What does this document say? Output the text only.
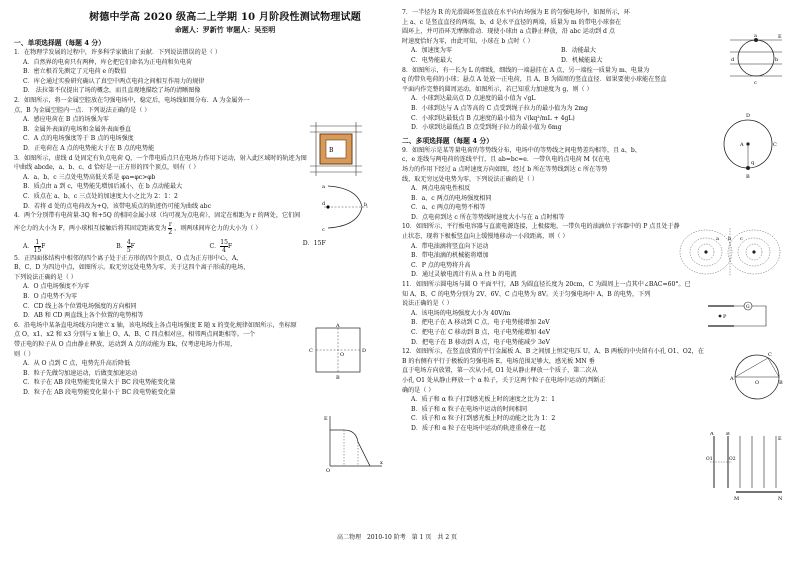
树德中学高 2020 级高二上学期 10 月阶段性测试物理试题
命题人：罗新竹 审题人：吴至明
一、单项选择题（每题 4 分）

1．在物理学发展的过程中，许多科学家做出了贡献．下列说法错误的是（ ）

A．自然界的电荷只有两种，库仑把它们命名为正电荷和负电荷

B．密立根首先测定了元电荷 e 的数值

C．库仑通过实验研究确认了真空中两点电荷之间相互作用力的规律

D． 法拉第不仅提出了场的概念，而且直观地描绘了场的清晰图像

2．如图所示，将一金属空腔放在匀强电场中，稳定后，电场线如图分布．A 为金属外一

点，B 为金属空腔内一点．下列说法正确的是（ ）

A．感应电荷在 B 点的场强为零

B．金属外表面的电场和金属外表面垂直

C．A 点的电场强度等于 B 点的电场强度

D．正电荷在 A 点的电势能大于在 B 点的电势能

3．如图所示，虚线 d 处固定有负点电荷 Q，一个带电质点只在电场力作用下运动，射入此区域时的轨迹为图

中曲线 abcde，a、b、c、d 恰好是一正方形的四个顶点，则有（ ）

A．a、b、c 三点处电势高低关系是 φa=φc>φb

B．质点由 a 到 c，电势能先增加后减小，在 b 点动能最大

C．质点在 a、b、c 三点处的加速度大小之比为 2：1：2

D．若将 d 处的点电荷改为+Q，该带电质点的轨迹仍可能为曲线 abc

4．两个分别带有电荷量-3Q 和+5Q 的相同金属小球（均可视为点电荷），固定在相距为 r 的两处，它们间

库仑力的大小为 F，两小球相互接触后将其固定距离变为 $\frac{r}{2}$ ，则两球间库仑力的大小为（ ）

A． $\frac{1}{15}F$	B． $\frac{4}{5}F$	C． $\frac{15}{4}F$	D．15F

5．正四面体结构中相邻的四个离子处于正方形的四个顶点，O 点为正方形中心，A、

B、C、D 为四边中点，如图所示。取无穷远处电势为零，关于这四个离子形成的电场，

下列说法正确的是（ ）

A．O 点电场强度不为零

B．O 点电势不为零

C．CD 线上各个位置电场强度的方向相同

D．AB 和 CD 两直线上各个位置的电势相等

6．沿电场中某条直电场线方向建立 x 轴，该电场线上各点电场强度 E 随 x 的变化规律如图所示，坐标原

点 O，x1、x2 和 x3 分别与 x 轴上 O、A、B、C 四点相对应，相邻两点间距相等。一个

带正电的粒子从 O 点由静止释放，运动到 A 点的动能为 Ek，仅考虑电场力作用，

则（ ）

A．从 O 点到 C 点，电势先升高后降低

B．粒子先做匀加速运动，后做变加速运动

C．粒子在 AB 段电势能变化量大于 BC 段电势能变化量

D．粒子在 AB 段电势能变化量小于 BC 段电势能变化量

B
a
b
c
d
A
B
C	D
O
E
x
O

7．一半径为 R 的光滑圆环竖直放在水平向右场强为 E 的匀强电场中，如图所示，环

上 a、c 是竖直直径的两端，b、d 是水平直径的两端，质量为 m 的带电小球套在

圆环上，并可沿环无摩擦滑动．现使小球由 a 点静止释放，沿 abc 运动到 d 点

时速度恰好为零，由此可知，小球在 b 点时（ ）

A．加速度为零	B．动能最大
C．电势能最大	D．机械能最大

8．如图所示，有一长为 L 的细线，细线的一端悬挂在 A 点，另一端拴一质量为 m、电量为

q 的带负电荷的小球；悬点 A 处放一正电荷，且 A、B 为圆周的竖直直径．如果要使小球能在竖直

平面内作完整的圆周运动，如图所示，若已知重力加速度为 g，则（ ）

A．小球到达最高点 D 点速度的最小值为 √gL

B．小球到达与 A 点等高的 C 点受到绳子拉力的最小值为为 2mg

C．小球到达最低点 B 点速度的最小值为 √(kq²/mL + 4gL)

D．小球到达最低点 B 点受到绳子拉力的最小值为 6mg

二、多项选择题（每题 4 分）

9．如图所示是某等量电荷的等势线分布，电场中的等势线之间电势差均相等，且 a、b、

c、e 连线与两电荷的连线平行，且 ab=bc=e．一带负电的点电荷 M 仅在电

场力的作用下经过 a 点时速度方向如图，经过 b 所在等势线到达 c 所在等势

线，取无穷远处电势为零，下列说法正确的是（ ）

A．两点电荷电性相反

B．a、c 两点的电场强度相同

C．a、c 两点的电势不相等

D．点电荷到达 c 所在等势线时速度大小与在 a 点时相等

10．如图所示，平行板电容器与直流电源连接，上极接地，一带负电的油滴位于容器中的 P 点且处于静

止状态，现将下极板竖直向上缓慢地移动一小段距离，则（ ）

A．带电油滴将竖直向下运动

B．带电油滴的机械能将增加

C．P 点的电势将升高

D．通过灵敏电流计有从 a 往 b 的电流

11．如图所示圆电场与圆 O 平面平行，AB 为圆直径长度为 20cm，C 为圆周上一点其中∠BAC=60°。已

知 A、B、C 的电势分别为 2V、6V、C 点电势为 8V。关于匀强电场中 A、B 的电势，下列

说法正确的是（ ）

A．该电场的电场强度大小为 40V/m

B．把电子在 A 移动到 C 点，电子电势能增加 2eV

C．把电子在 C 移动到 B 点，电子电势能增加 4eV

D．把电子在 B 移动到 A 点，电子电势能减少 3eV

12．如图所示，在竖直放置的平行金属板 A、B 之间加上恒定电压 U，A、B 两板的中央留有小孔 O1、O2，在

B 的右侧有平行于极板的匀强电场 E，电场范围足够大，感光板 MN 垂

直于电场方向放置，第一次从小孔 O1 处从静止释放一个质子，第二次从

小孔 O1 处从静止释放一个 α 粒子，关于这两个粒子在电场中运动的判断正

确的是（ ）

A．质子和 α 粒子打到感光板上时的速度之比为 2：1

B．质子和 α 粒子在电场中运动的时间相同

C．质子和 α 粒子打到感光板上时的动能之比为 1：2

D．质子和 α 粒子在电场中运动的轨迹重叠在一起

a
b
c
d
E
D
A
B
C
q
a b c
G
P
A
B
C
O
A B
O1	O2
M	N
E
高二物理　2010-10 阶考　第 1 页　共 2 页
